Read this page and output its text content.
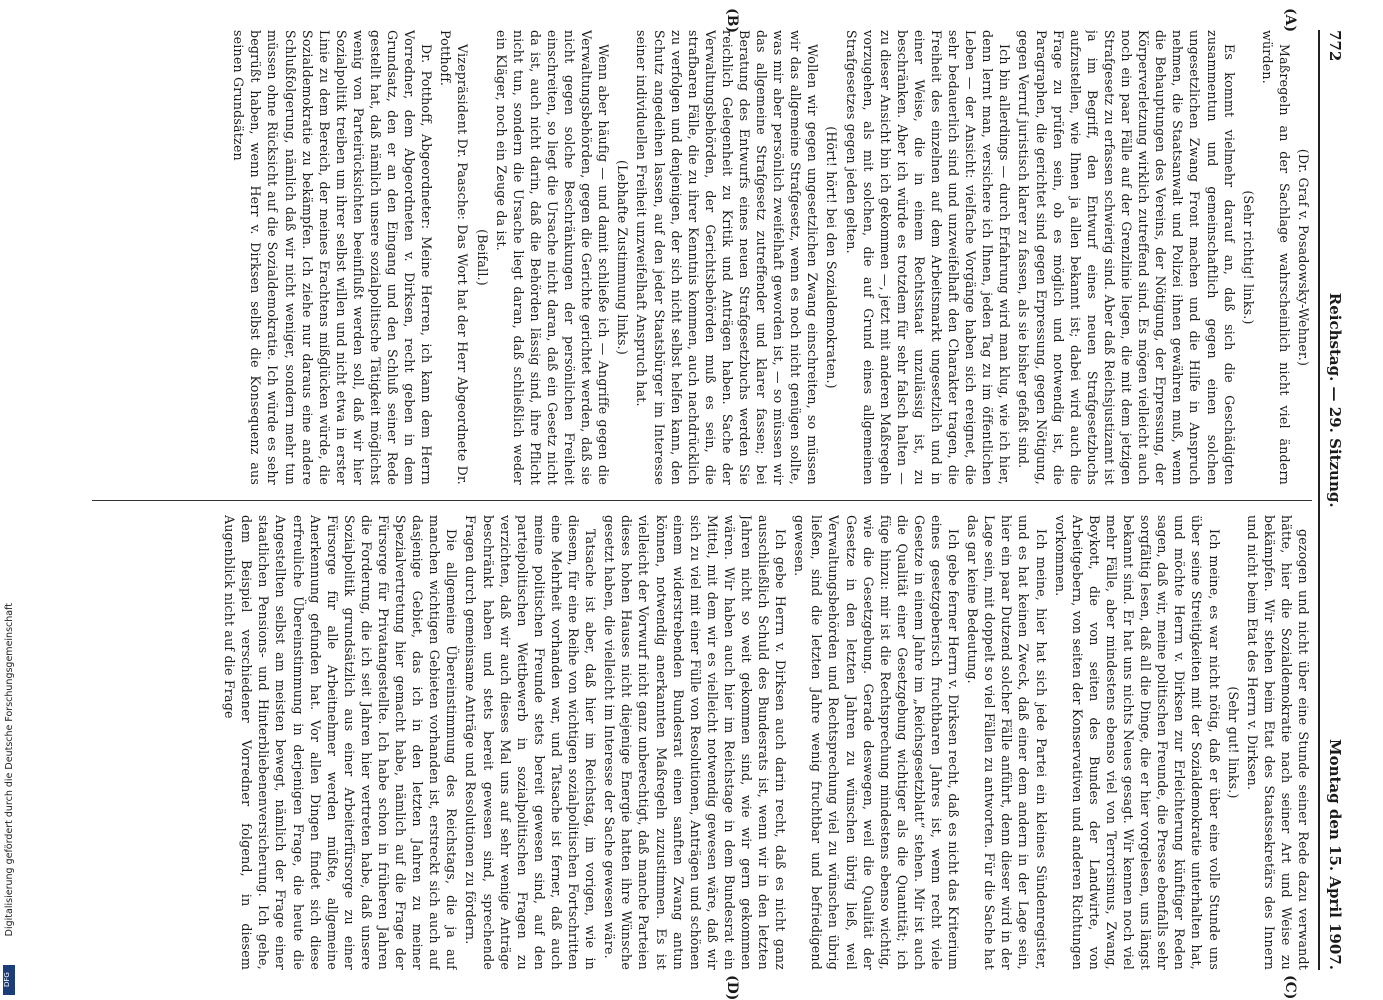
772
Reichstag. — 29. Sitzung.
Montag den 15. April 1907.

(Dr. Graf v. Posadowsky-Wehner.)

Maßregeln an der Sachlage wahrscheinlich nicht viel ändern würden.

(Sehr richtig! links.)

Es kommt vielmehr darauf an, daß sich die Geschädigten zusammentun und gemeinschaftlich gegen einen solchen ungesetzlichen Zwang Front machen und die Hilfe in Anspruch nehmen, die Staatsanwalt und Polizei ihnen gewähren muß, wenn die Behauptungen des Vereins, der Nötigung, der Erpressung, der Körperverletzung wirklich zutreffend sind. Es mögen vielleicht auch noch ein paar Fälle auf der Grenzlinie liegen, die mit dem jetzigen Strafgesetz zu erfassen schwierig sind. Aber daß Reichsjustizamt ist ja im Begriff, den Entwurf eines neuen Strafgesetzbuchs aufzustellen, wie Ihnen ja allen bekannt ist; dabei wird auch die Frage zu prüfen sein, ob es möglich und notwendig ist, die Paragraphen, die gerichtet sind gegen Erpressung, gegen Nötigung, gegen Verruf juristisch klarer zu fassen, als sie bisher gefaßt sind.

Ich bin allerdings — durch Erfahrung wird man klug, wie ich hier, denn lernt man, versichere ich Ihnen, jeden Tag zu im öffentlichen Leben — der Ansicht: vielfache Vorgänge haben sich ereignet, die sehr bedauerlich sind und unzweifelhaft den Charakter tragen, die Freiheit des einzelnen auf dem Arbeitsmarkt ungesetzlich und in einer Weise, die in einem Rechtsstaat unzulässig ist, zu beschränken. Aber ich würde es trotzdem für sehr falsch halten — zu dieser Ansicht bin ich gekommen —, jetzt mit anderen Maßregeln vorzugehen, als mit solchen, die auf Grund eines allgemeinen Strafgesetzes gegen jeden gelten.

(Hört! hört! bei den Sozialdemokraten.)

Wollen wir gegen ungesetzlichen Zwang einschreiten, so müssen wir das allgemeine Strafgesetz, wenn es noch nicht genügen sollte, was mir aber persönlich zweifelhaft geworden ist, — so müssen wir das allgemeine Strafgesetz zutreffender und klarer fassen; bei Beratung des Entwurfs eines neuen Strafgesetzbuchs werden Sie reichlich Gelegenheit zu Kritik und Anträgen haben. Sache der Verwaltungsbehörden, der Gerichtsbehörden muß es sein, die strafbaren Fälle, die zu ihrer Kenntnis kommen, auch nachdrücklich zu verfolgen und denjenigen, der sich nicht selbst helfen kann, den Schutz angedeihen lassen, auf den jeder Staatsbürger im Interesse seiner individuellen Freiheit unzweifelhaft Anspruch hat.

(Lebhafte Zustimmung links.)

Wenn aber häufig — und damit schließe ich — Angriffe gegen die Verwaltungsbehörden, gegen die Gerichte gerichtet werden, daß sie nicht gegen solche Beschränkungen der persönlichen Freiheit einschreiten, so liegt die Ursache nicht daran, daß ein Gesetz nicht da ist, auch nicht darin, daß die Behörden lässig sind, ihre Pflicht nicht tun, sondern die Ursache liegt daran, daß schließlich weder ein Kläger, noch ein Zeuge da ist.

(Beifall.)

Vizepräsident Dr. Paasche: Das Wort hat der Herr Abgeordnete Dr. Potthoff.

Dr. Potthoff, Abgeordneter: Meine Herren, ich kann dem Herrn Vorredner, dem Abgeordneten v. Dirksen, recht geben in dem Grundsatz, den er an den Eingang und den Schluß seiner Rede gestellt hat, daß nämlich unsere sozialpolitische Tätigkeit möglichst wenig von Parteirücksichten beeinflußt werden soll, daß wir hier Sozialpolitik treiben um ihrer selbst willen und nicht etwa in erster Linie zu dem Bereich, der meines Erachtens mißglücken würde, die Sozialdemokratie zu bekämpfen. Ich ziehe nur daraus eine andere Schlußfolgerung, nämlich daß wir nicht weniger, sondern mehr tun müssen ohne Rücksicht auf die Sozialdemokratie. Ich würde es sehr begrüßt haben, wenn Herr v. Dirksen selbst die Konsequenz aus seinen Grundsätzen

gezogen und nicht über eine Stunde seiner Rede dazu verwandt hätte, hier die Sozialdemokratie nach seiner Art und Weise zu bekämpfen. Wir stehen beim Etat des Staatssekretärs des Innern und nicht beim Etat des Herrn v. Dirksen.

(Sehr gut! links.)

Ich meine, es war nicht nötig, daß er über eine volle Stunde uns über seine Streitigkeiten mit der Sozialdemokratie unterhalten hat, und möchte Herrn v. Dirksen zur Erleichterung künftiger Reden sagen, daß wir, meine politischen Freunde, die Presse ebenfalls sehr sorgfältig lesen, daß all die Dinge, die er hier vorgelesen, uns längst bekannt sind. Er hat uns nichts Neues gesagt. Wir kennen noch viel mehr Fälle, aber mindestens ebenso viel von Terrorismus, Zwang, Boykott, die von seiten des Bundes der Landwirte, von Arbeitgebern, von seiten der Konservativen und anderen Richtungen vorkommen.

Ich meine, hier hat sich jede Partei ein kleines Sündenregister, und es hat keinen Zweck, daß einer dem andern in der Lage sein, hier ein paar Dutzend solcher Fälle anführt, denn dieser wird in der Lage sein, mit doppelt so viel Fällen zu antworten. Für die Sache hat das gar keine Bedeutung.

Ich gebe ferner Herrn v. Dirksen recht, daß es nicht das Kriterium eines gesetzgeberisch fruchtbaren Jahres ist, wenn recht viele Gesetze in einem Jahre im „Reichsgesetzblatt“ stehen. Mir ist auch die Qualität einer Gesetzgebung wichtiger als die Quantität; ich füge hinzu: mir ist die Rechtsprechung mindestens ebenso wichtig, wie die Gesetzgebung. Gerade deswegen, weil die Qualität der Gesetze in den letzten Jahren zu wünschen übrig ließ, weil Verwaltungsbehörden und Rechtsprechung viel zu wünschen übrig ließen, sind die letzten Jahre wenig fruchtbar und befriedigend gewesen.

Ich gebe Herrn v. Dirksen auch darin recht, daß es nicht ganz ausschließlich Schuld des Bundesrats ist, wenn wir in den letzten Jahren nicht so weit gekommen sind, wie wir gern gekommen wären. Wir haben auch hier im Reichstage in dem Bundesrat ein Mittel, mit dem wir es vielleicht notwendig gewesen wäre, daß wir sich zu viel mit einer Fülle von Resolutionen, Anträgen und schönen einem widerstrebenden Bundesrat einen sanften Zwang antun können, notwendig anerkannten Maßregeln zuzustimmen. Es ist vielleicht der Vorwurf nicht ganz unberechtigt, daß manche Parteien dieses hohen Hauses nicht diejenige Energie hatten ihre Wünsche gesetzt haben, die vielleicht im Interesse der Sache gewesen wäre.

Tatsache ist aber, daß hier im Reichstag, im vorigen, wie in diesem, für eine Reihe von wichtigen sozialpolitischen Fortschritten eine Mehrheit vorhanden war, und Tatsache ist ferner, daß auch meine politischen Freunde stets bereit gewesen sind, auf den parteipolitischen Wettbewerb in sozialpolitischen Fragen zu verzichten, daß wir auch dieses Mal uns auf sehr wenige Anträge beschränkt haben und stets bereit gewesen sind, sprechende Fragen durch gemeinsame Anträge und Resolutionen zu fördern.

Die allgemeine Übereinstimmung des Reichstags, die ja auf manchen wichtigen Gebieten vorhanden ist, erstreckt sich auch auf dasjenige Gebiet, das ich in den letzten Jahren zu meiner Spezialvertretung hier gemacht habe, nämlich auf die Frage der Fürsorge für Privatangestellte. Ich habe schon in früheren Jahren die Forderung, die ich seit Jahren hier vertreten habe, daß unsere Sozialpolitik grundsätzlich aus einer Arbeiterfürsorge zu einer Fürsorge für alle Arbeitnehmer werden müßte, allgemeine Anerkennung gefunden hat. Vor allen Dingen findet sich diese erfreuliche Übereinstimmung in derjenigen Frage, die heute die Angestellten selbst am meisten bewegt, nämlich der Frage einer staatlichen Pensions- und Hinterbliebenenversicherung. Ich gehe, dem Beispiel verschiedener Vorredner folgend, in diesem Augenblick nicht auf die Frage

(A)
(B)
(C)
(D)
Digitalisierung gefördert durch die Deutsche Forschungsgemeinschaft
DFG
